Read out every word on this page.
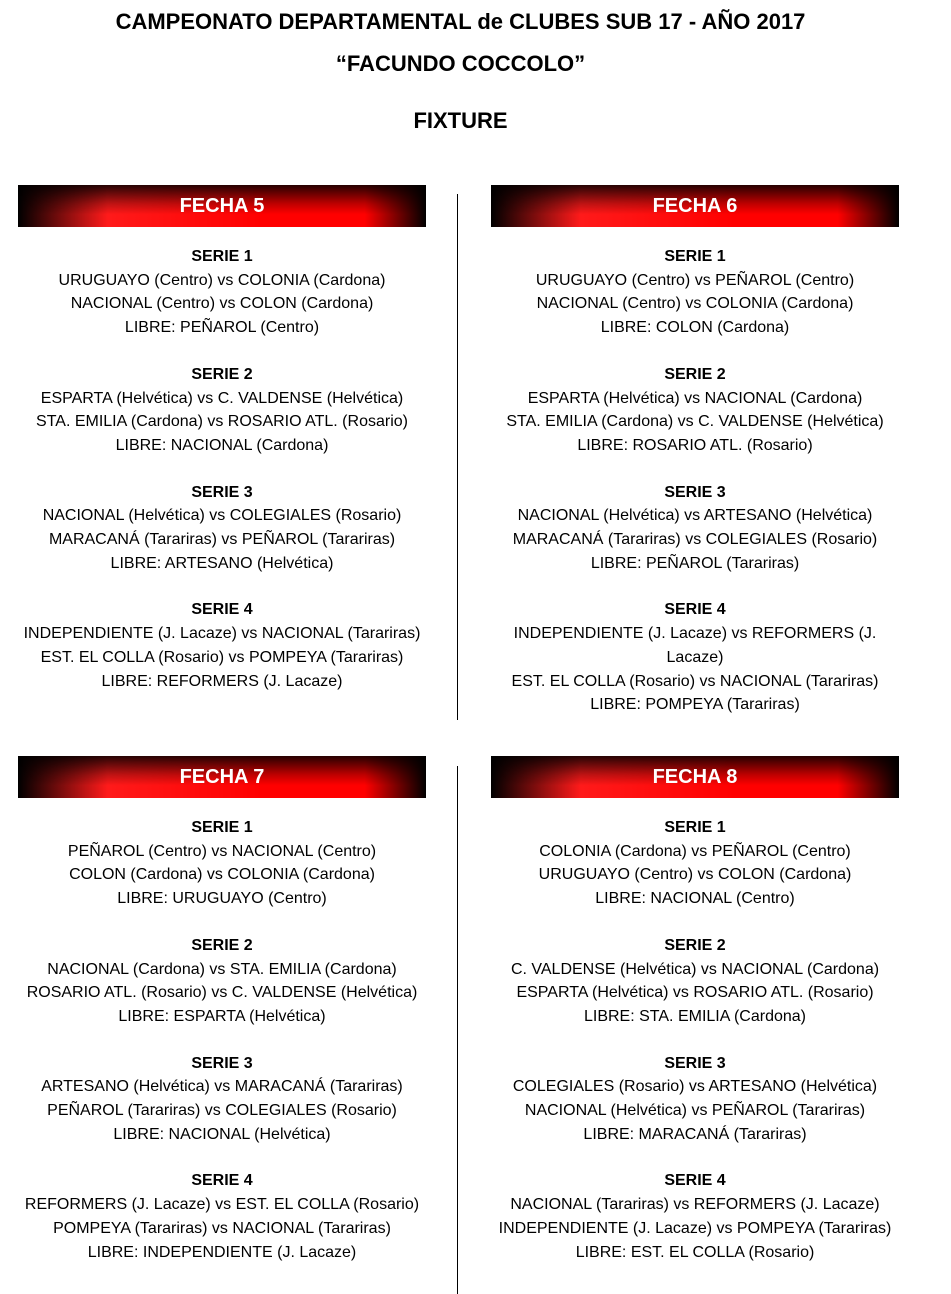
CAMPEONATO DEPARTAMENTAL de CLUBES SUB 17 - AÑO 2017
“FACUNDO COCCOLO”
FIXTURE
FECHA 5
SERIE 1
URUGUAYO (Centro) vs COLONIA (Cardona)
NACIONAL (Centro) vs COLON (Cardona)
LIBRE: PEÑAROL (Centro)
SERIE 2
ESPARTA (Helvética) vs C. VALDENSE (Helvética)
STA. EMILIA (Cardona) vs ROSARIO ATL. (Rosario)
LIBRE: NACIONAL (Cardona)
SERIE 3
NACIONAL (Helvética) vs COLEGIALES (Rosario)
MARACANÁ (Tarariras) vs PEÑAROL (Tarariras)
LIBRE: ARTESANO (Helvética)
SERIE 4
INDEPENDIENTE (J. Lacaze) vs NACIONAL (Tarariras)
EST. EL COLLA (Rosario) vs POMPEYA (Tarariras)
LIBRE: REFORMERS (J. Lacaze)
FECHA 6
SERIE 1
URUGUAYO (Centro) vs PEÑAROL (Centro)
NACIONAL (Centro) vs COLONIA (Cardona)
LIBRE: COLON (Cardona)
SERIE 2
ESPARTA (Helvética) vs NACIONAL (Cardona)
STA. EMILIA (Cardona) vs C. VALDENSE (Helvética)
LIBRE: ROSARIO ATL. (Rosario)
SERIE 3
NACIONAL (Helvética) vs ARTESANO (Helvética)
MARACANÁ (Tarariras) vs COLEGIALES (Rosario)
LIBRE: PEÑAROL (Tarariras)
SERIE 4
INDEPENDIENTE (J. Lacaze) vs REFORMERS (J. Lacaze)
EST. EL COLLA (Rosario) vs NACIONAL (Tarariras)
LIBRE: POMPEYA (Tarariras)
FECHA 7
SERIE 1
PEÑAROL (Centro) vs NACIONAL (Centro)
COLON (Cardona) vs COLONIA (Cardona)
LIBRE: URUGUAYO (Centro)
SERIE 2
NACIONAL (Cardona) vs STA. EMILIA (Cardona)
ROSARIO ATL. (Rosario) vs C. VALDENSE (Helvética)
LIBRE: ESPARTA (Helvética)
SERIE 3
ARTESANO (Helvética) vs MARACANÁ (Tarariras)
PEÑAROL (Tarariras) vs COLEGIALES (Rosario)
LIBRE: NACIONAL (Helvética)
SERIE 4
REFORMERS (J. Lacaze) vs EST. EL COLLA (Rosario)
POMPEYA (Tarariras) vs NACIONAL (Tarariras)
LIBRE: INDEPENDIENTE (J. Lacaze)
FECHA 8
SERIE 1
COLONIA (Cardona) vs PEÑAROL (Centro)
URUGUAYO (Centro) vs COLON (Cardona)
LIBRE: NACIONAL (Centro)
SERIE 2
C. VALDENSE (Helvética) vs NACIONAL (Cardona)
ESPARTA (Helvética) vs ROSARIO ATL. (Rosario)
LIBRE: STA. EMILIA (Cardona)
SERIE 3
COLEGIALES (Rosario) vs ARTESANO (Helvética)
NACIONAL (Helvética) vs PEÑAROL (Tarariras)
LIBRE: MARACANÁ (Tarariras)
SERIE 4
NACIONAL (Tarariras) vs REFORMERS (J. Lacaze)
INDEPENDIENTE (J. Lacaze) vs POMPEYA (Tarariras)
LIBRE: EST. EL COLLA (Rosario)
